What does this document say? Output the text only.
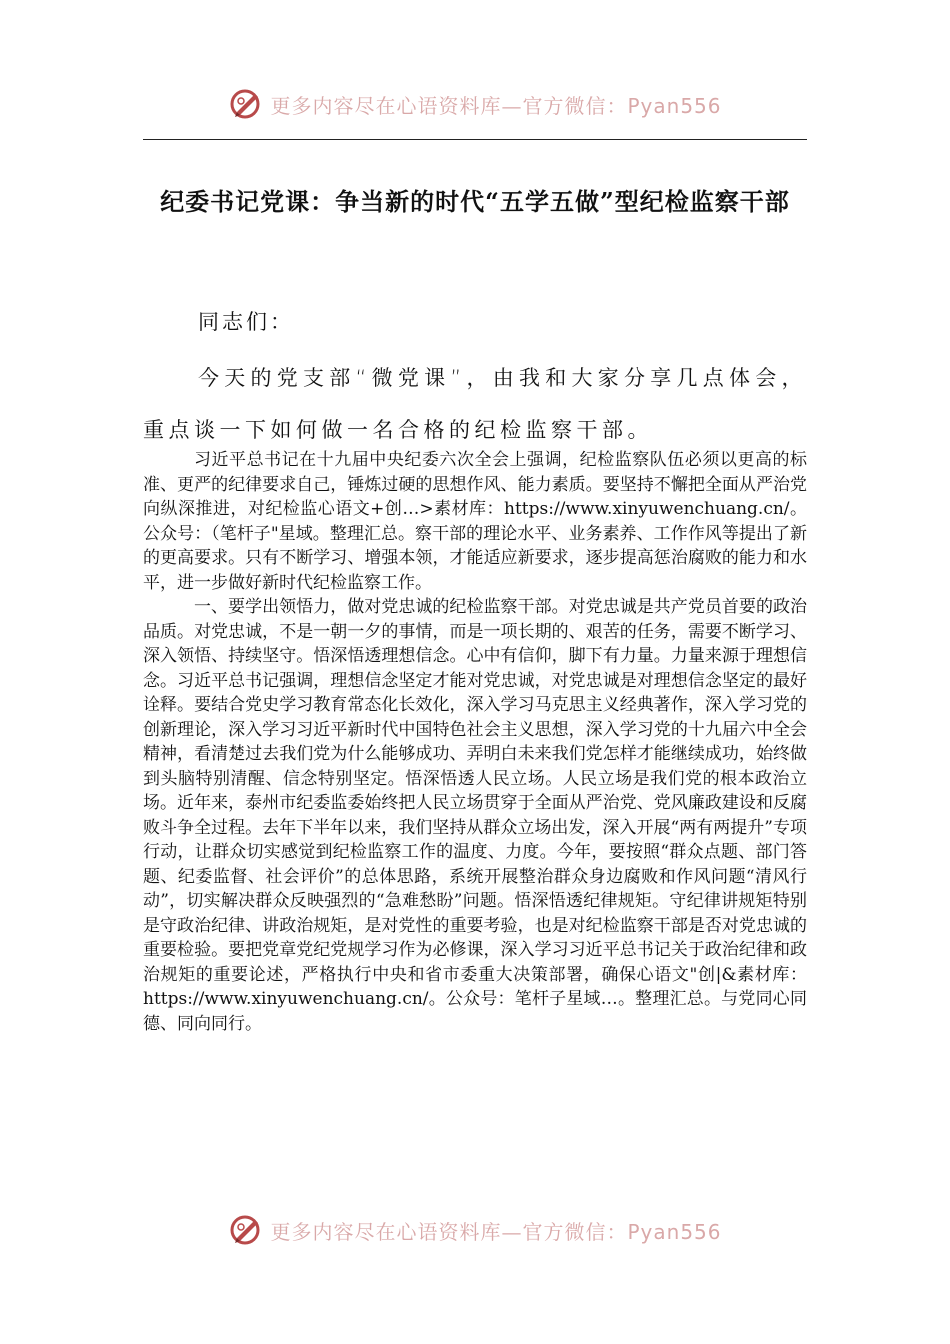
更多内容尽在心语资料库—官方微信：Pyan556
纪委书记党课：争当新的时代“五学五做”型纪检监察干部
同志们：
今天的党支部“微党课”，由我和大家分享几点体会，重点谈一下如何做一名合格的纪检监察干部。

习近平总书记在十九届中央纪委六次全会上强调，纪检监察队伍必须以更高的标准、更严的纪律要求自己，锤炼过硬的思想作风、能力素质。要坚持不懈把全面从严治党向纵深推进，对纪检监心语文+创…>素材库：https://www.xinyuwenchuang.cn/。公众号：（笔杆子"星域。整理汇总。察干部的理论水平、业务素养、工作作风等提出了新的更高要求。只有不断学习、增强本领，才能适应新要求，逐步提高惩治腐败的能力和水平，进一步做好新时代纪检监察工作。

一、要学出领悟力，做对党忠诚的纪检监察干部。对党忠诚是共产党员首要的政治品质。对党忠诚，不是一朝一夕的事情，而是一项长期的、艰苦的任务，需要不断学习、深入领悟、持续坚守。悟深悟透理想信念。心中有信仰，脚下有力量。力量来源于理想信念。习近平总书记强调，理想信念坚定才能对党忠诚，对党忠诚是对理想信念坚定的最好诠释。要结合党史学习教育常态化长效化，深入学习马克思主义经典著作，深入学习党的创新理论，深入学习习近平新时代中国特色社会主义思想，深入学习党的十九届六中全会精神，看清楚过去我们党为什么能够成功、弄明白未来我们党怎样才能继续成功，始终做到头脑特别清醒、信念特别坚定。悟深悟透人民立场。人民立场是我们党的根本政治立场。近年来，泰州市纪委监委始终把人民立场贯穿于全面从严治党、党风廉政建设和反腐败斗争全过程。去年下半年以来，我们坚持从群众立场出发，深入开展“两有两提升”专项行动，让群众切实感觉到纪检监察工作的温度、力度。今年，要按照“群众点题、部门答题、纪委监督、社会评价”的总体思路，系统开展整治群众身边腐败和作风问题“清风行动”，切实解决群众反映强烈的“急难愁盼”问题。悟深悟透纪律规矩。守纪律讲规矩特别是守政治纪律、讲政治规矩，是对党性的重要考验，也是对纪检监察干部是否对党忠诚的重要检验。要把党章党纪党规学习作为必修课，深入学习习近平总书记关于政治纪律和政治规矩的重要论述，严格执行中央和省市委重大决策部署，确保心语文"创|&素材库：https://www.xinyuwenchuang.cn/。公众号：笔杆子星域…。整理汇总。与党同心同德、同向同行。

更多内容尽在心语资料库—官方微信：Pyan556
